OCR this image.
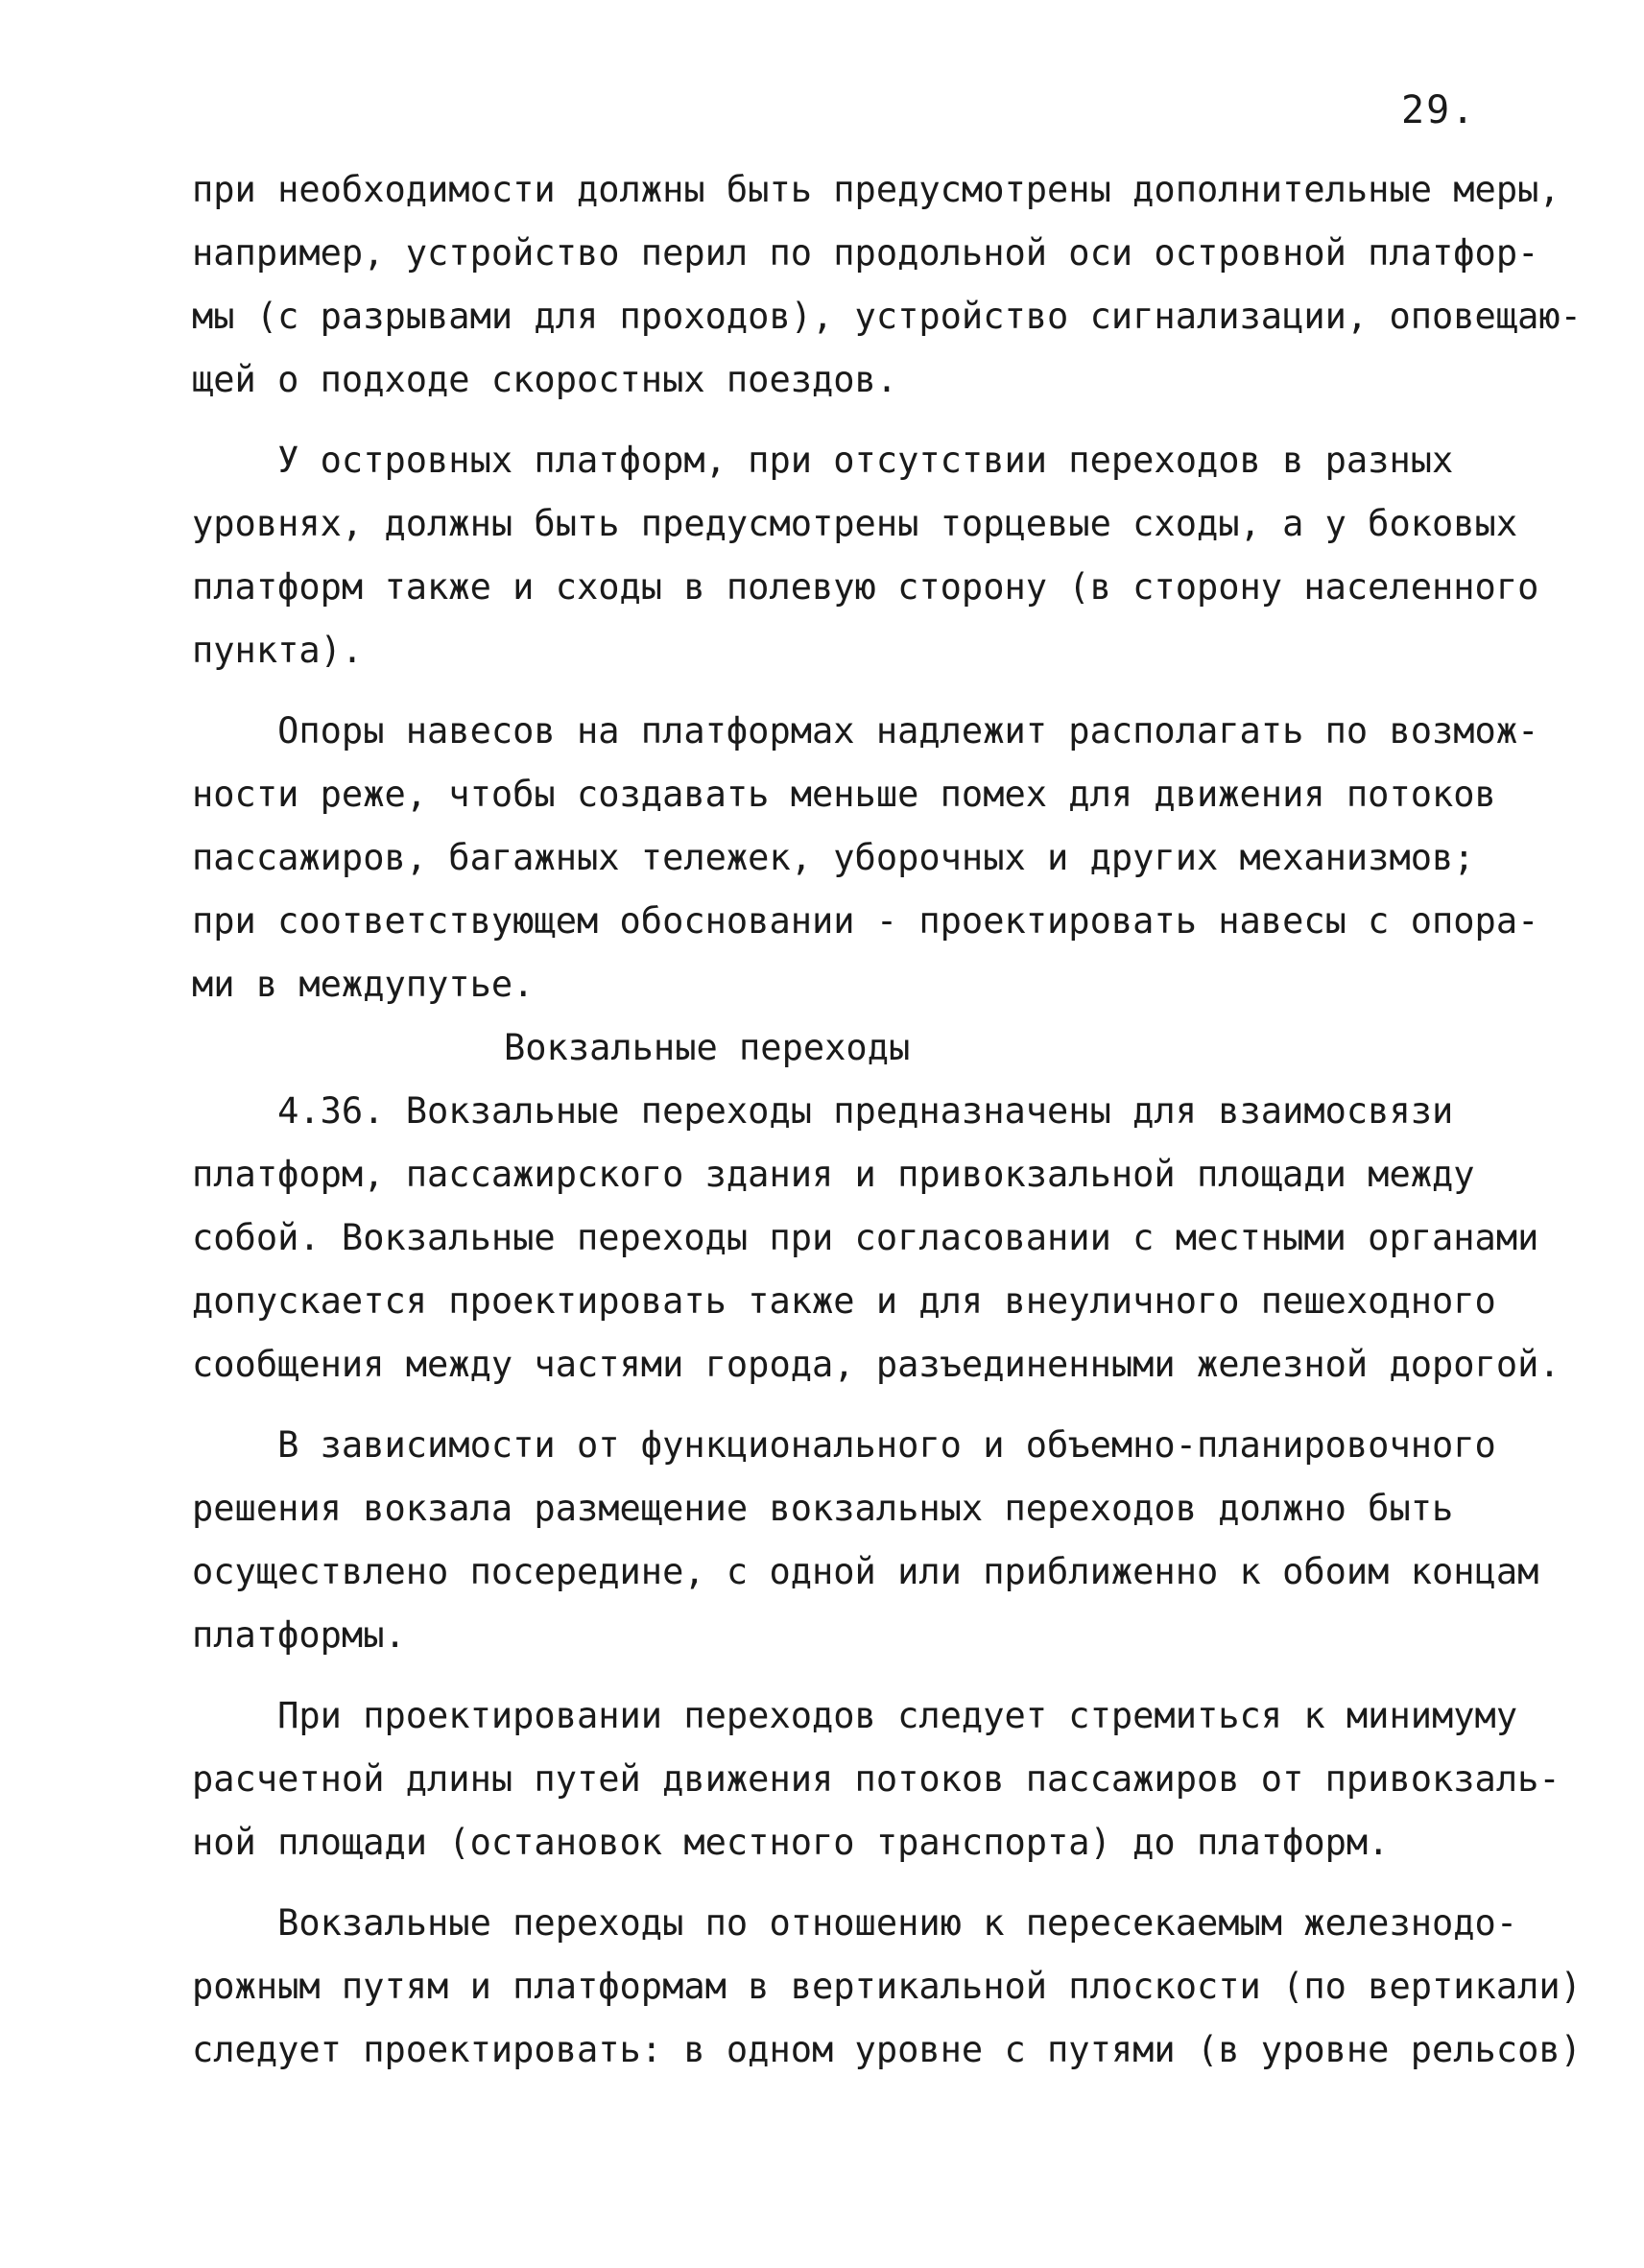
29.
при необходимости должны быть предусмотрены дополнительные меры,
например, устройство перил по продольной оси островной платфор-
мы (с разрывами для проходов), устройство сигнализации, оповещаю-
щей о подходе скоростных поездов.
У островных платформ, при отсутствии переходов в разных
уровнях, должны быть предусмотрены торцевые сходы, а у боковых
платформ также и сходы в полевую сторону (в сторону населенного
пункта).
Опоры навесов на платформах надлежит располагать по возмож-
ности реже, чтобы создавать меньше помех для движения потоков
пассажиров, багажных тележек, уборочных и других механизмов;
при соответствующем обосновании - проектировать навесы с опора-
ми в междупутье.
Вокзальные переходы
4.36. Вокзальные переходы предназначены для взаимосвязи
платформ, пассажирского здания и привокзальной площади между
собой. Вокзальные переходы при согласовании с местными органами
допускается проектировать также и для внеуличного пешеходного
сообщения между частями города, разъединенными железной дорогой.
В зависимости от функционального и объемно-планировочного
решения вокзала размещение вокзальных переходов должно быть
осуществлено посередине, с одной или приближенно к обоим концам
платформы.
При проектировании переходов следует стремиться к минимуму
расчетной длины путей движения потоков пассажиров от привокзаль-
ной площади (остановок местного транспорта) до платформ.
Вокзальные переходы по отношению к пересекаемым железнодо-
рожным путям и платформам в вертикальной плоскости (по вертикали)
следует проектировать: в одном уровне с путями (в уровне рельсов)
